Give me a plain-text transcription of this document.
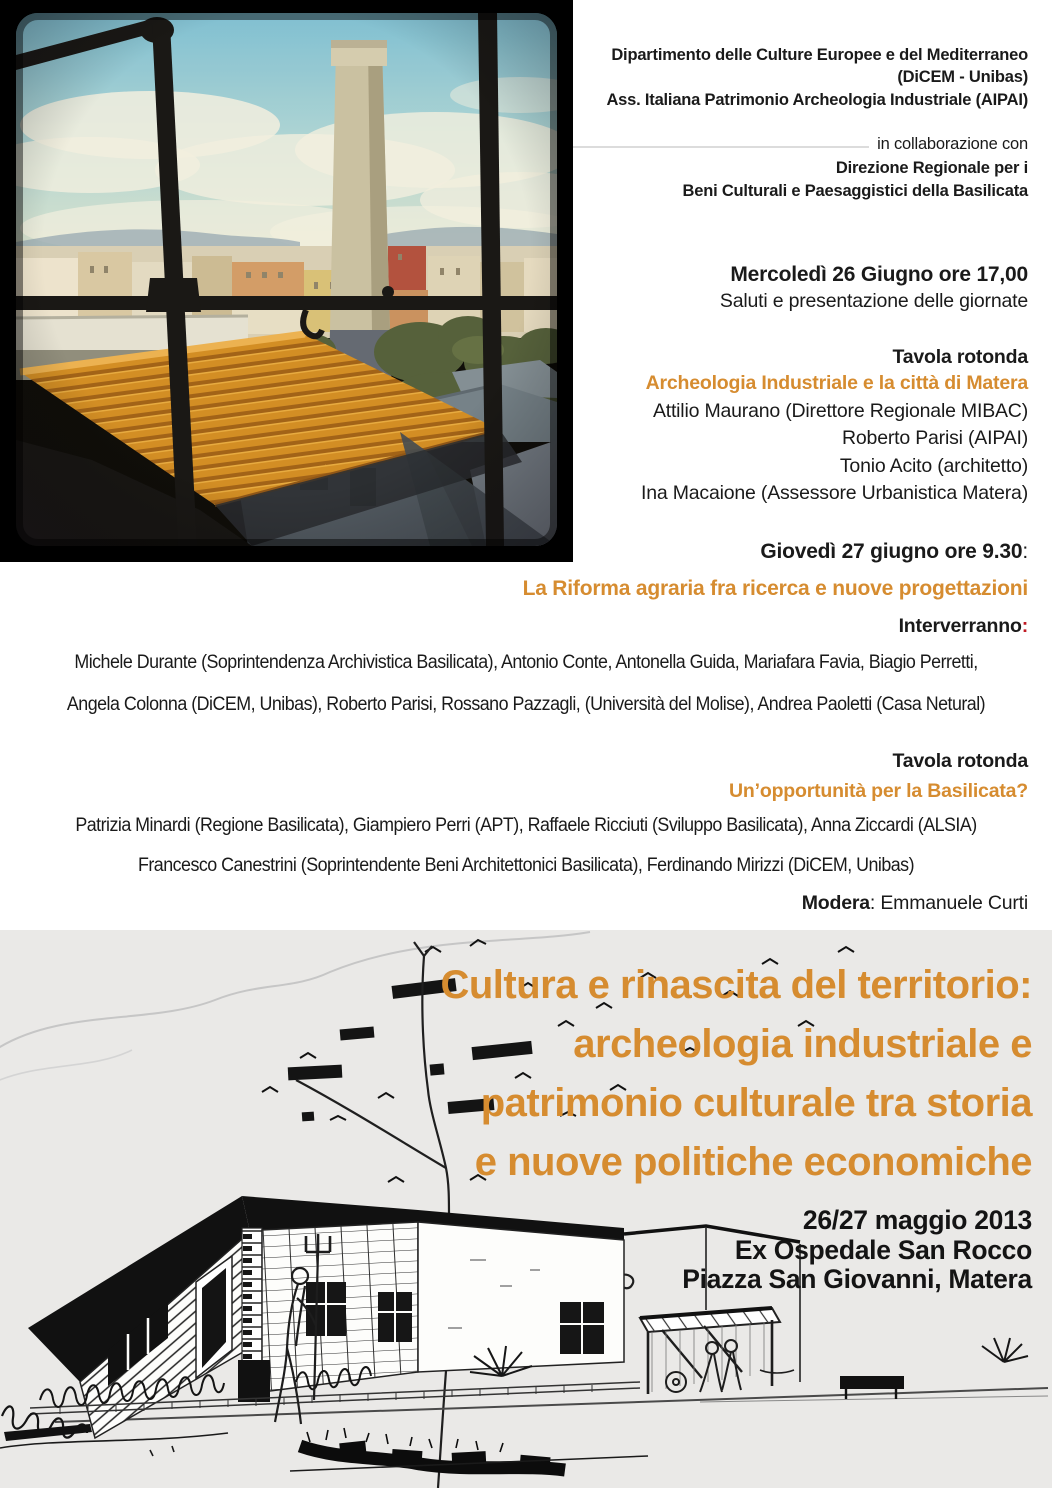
Dipartimento delle Culture Europee e del Mediterraneo
(DiCEM - Unibas)
Ass. Italiana Patrimonio Archeologia Industriale (AIPAI)
in collaborazione con
Direzione Regionale per i
Beni Culturali e Paesaggistici della Basilicata
Mercoledì 26 Giugno ore 17,00
Saluti e presentazione delle giornate
Tavola rotonda
Archeologia Industriale e la città di Matera
Attilio Maurano (Direttore Regionale MIBAC)
Roberto Parisi (AIPAI)
Tonio Acito (architetto)
Ina Macaione (Assessore Urbanistica Matera)
Giovedì 27 giugno ore 9.30:
La Riforma agraria fra ricerca e nuove progettazioni
Interverranno:
Michele Durante (Soprintendenza Archivistica Basilicata), Antonio Conte, Antonella Guida, Mariafara Favia, Biagio Perretti,
Angela Colonna (DiCEM, Unibas), Roberto Parisi, Rossano Pazzagli, (Università del Molise), Andrea Paoletti (Casa Netural)
Tavola rotonda
Un’opportunità per la Basilicata?
Patrizia Minardi (Regione Basilicata), Giampiero Perri (APT), Raffaele Ricciuti (Sviluppo Basilicata), Anna Ziccardi (ALSIA)
Francesco Canestrini (Soprintendente Beni Architettonici Basilicata), Ferdinando Mirizzi (DiCEM, Unibas)
Modera: Emmanuele Curti
Cultura e rinascita del territorio:
archeologia industriale e
patrimonio culturale tra storia
e nuove politiche economiche
26/27 maggio 2013
Ex Ospedale San Rocco
Piazza San Giovanni, Matera
